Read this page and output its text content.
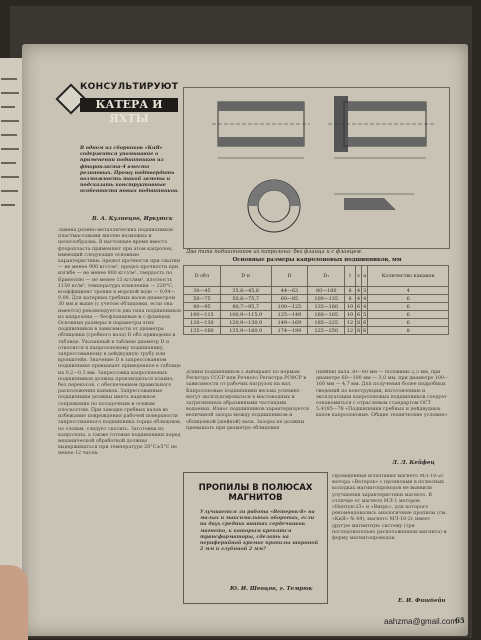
КОНСУЛЬТИРУЮТ
КАТЕРА И ЯХТЫ
В одном из сборников «КиЯ» содержится упоминание о применении подшипников из фторопласта-4 вместо резиновых. Прошу подтвердить возможность такой замены и подсказать конструктивные особенности новых подшипников.
В. А. Кузнецов, Иркутск
Замена резино-металлических подшипников пластмассовыми вполне возможна и целесообразна. В настоящее время вместо фторопласта применяют при этом капролон, имеющий следующие основные характеристики: предел прочности при сжатии — не менее 900 кгс/см², предел прочности при изгибе — не менее 800 кгс/см², твердость по Бринеллю — не менее 13 кгс/мм², плотность 1150 кг/м³, температура плавления — 220°С, коэффициент трения в морской воде — 0,04—0,08. Для катерных гребных валов диаметром 30 мм и выше (с учетом облицовки, если она имеется) рекомендуется два типа подшипников из капролона — бесфланцевые и с фланцем. Основные размеры и параметры этих подшипников в зависимости от диаметра облицовки (гребного вала) D обл приведены в таблице. Указанный в таблице диаметр D н относится к капролоновому подшипнику, запрессованному в дейдвудную трубу или кронштейн. Значение D в запрессованном подшипнике превышает приведенное в таблице на 0,2—0,3 мм. Запрессовка капролоновых подшипников должна производиться плавно, без перекосов, с обеспечением правильного расположения канавок. Запрессованные подшипники должны иметь надежное сопряжение по посадочным и осевым плоскостям. При заводке гребных валов во избежание повреждения рабочей поверхности запрессованного подшипника торцы облицовок, по словам, следует скосить. Заготовки из капролона, а также готовые подшипники перед механической обработкой должны выдерживаться при температуре 20°С±5°С не менее 12 часов.
Два типа подшипников из капролона: без фланца и с фланцем.
Основные размеры капролоновых подшипников, мм
D обл	D н	D	D₁	l	s	a	Количество канавок
30—45	35,6—45,6	44—63	80—100	8	4	3	4
50—75	50,6—75,7	60—85	100—135	8	4	4	6
80—95	80,7—95,7	100—125	135—160	10	6	4	6
100—115	100,9—115,9	125—149	160—185	10	6	5	6
120—130	120,9—130,9	149—169	185—225	12	8	6	6
135—160	135,9—160,9	174—199	225—250	12	8	6	8
Длины подшипников L выбирают по нормам Регистра СССР или Речного Регистра РСФСР в зависимости от рабочих нагрузок на вал. Капролоновые подшипники весьма успешно могут эксплуатироваться в масловодных и загрязненных абразивными частицами водоемах. Износ подшипников характеризуется величиной зазора между подшипником и облицовкой (шейкой) вала. Зазоры не должны превышать при диаметре облицовки
(шейки) вала 30—60 мм — половины 2,5 мм, при диаметре 60—100 мм — 3,0 мм, при диаметре 100—160 мм — 4,7 мм. Для получения более подробных сведений по конструкции, изготовлению и эксплуатации капролоновых подшипников следует ознакомиться с отраслевым стандартом ОСТ 5.4185—78 «Подшипники гребных и дейдвудных валов капролоновые. Общие технические условия».
Л. Л. Кейфец
ПРОПИЛЫ В ПОЛЮСАХ МАГНИТОВ
Улучшается ли работа «Ветерок-8» на малых и максимальных оборотах, если на двух средних винтах сердечников магнето, к которым крепятся трансформаторы, сделать на периферийной кромке пропилы шириной 2 мм и глубиной 2 мм?
Ю. И. Шевцов, г. Темрюк
Проведенные испытания магнето МЛ-10-2с мотора «Ветерок» с пропилами в полюсных колодках магнитопроводов не выявили улучшения характеристики магнето. В отличие от магнето МЛ-1 моторов «Нептун-23» и «Вихрь», для которого рекомендовались аналогичные пропилы (см. «КиЯ» № 84), магнето МЛ-10-2с имеет другую магнитную систему (три последовательно расположенных магнита) и форму магнитопроводов.
Е. И. Фишбейн
65
aahzma@gmail.com
